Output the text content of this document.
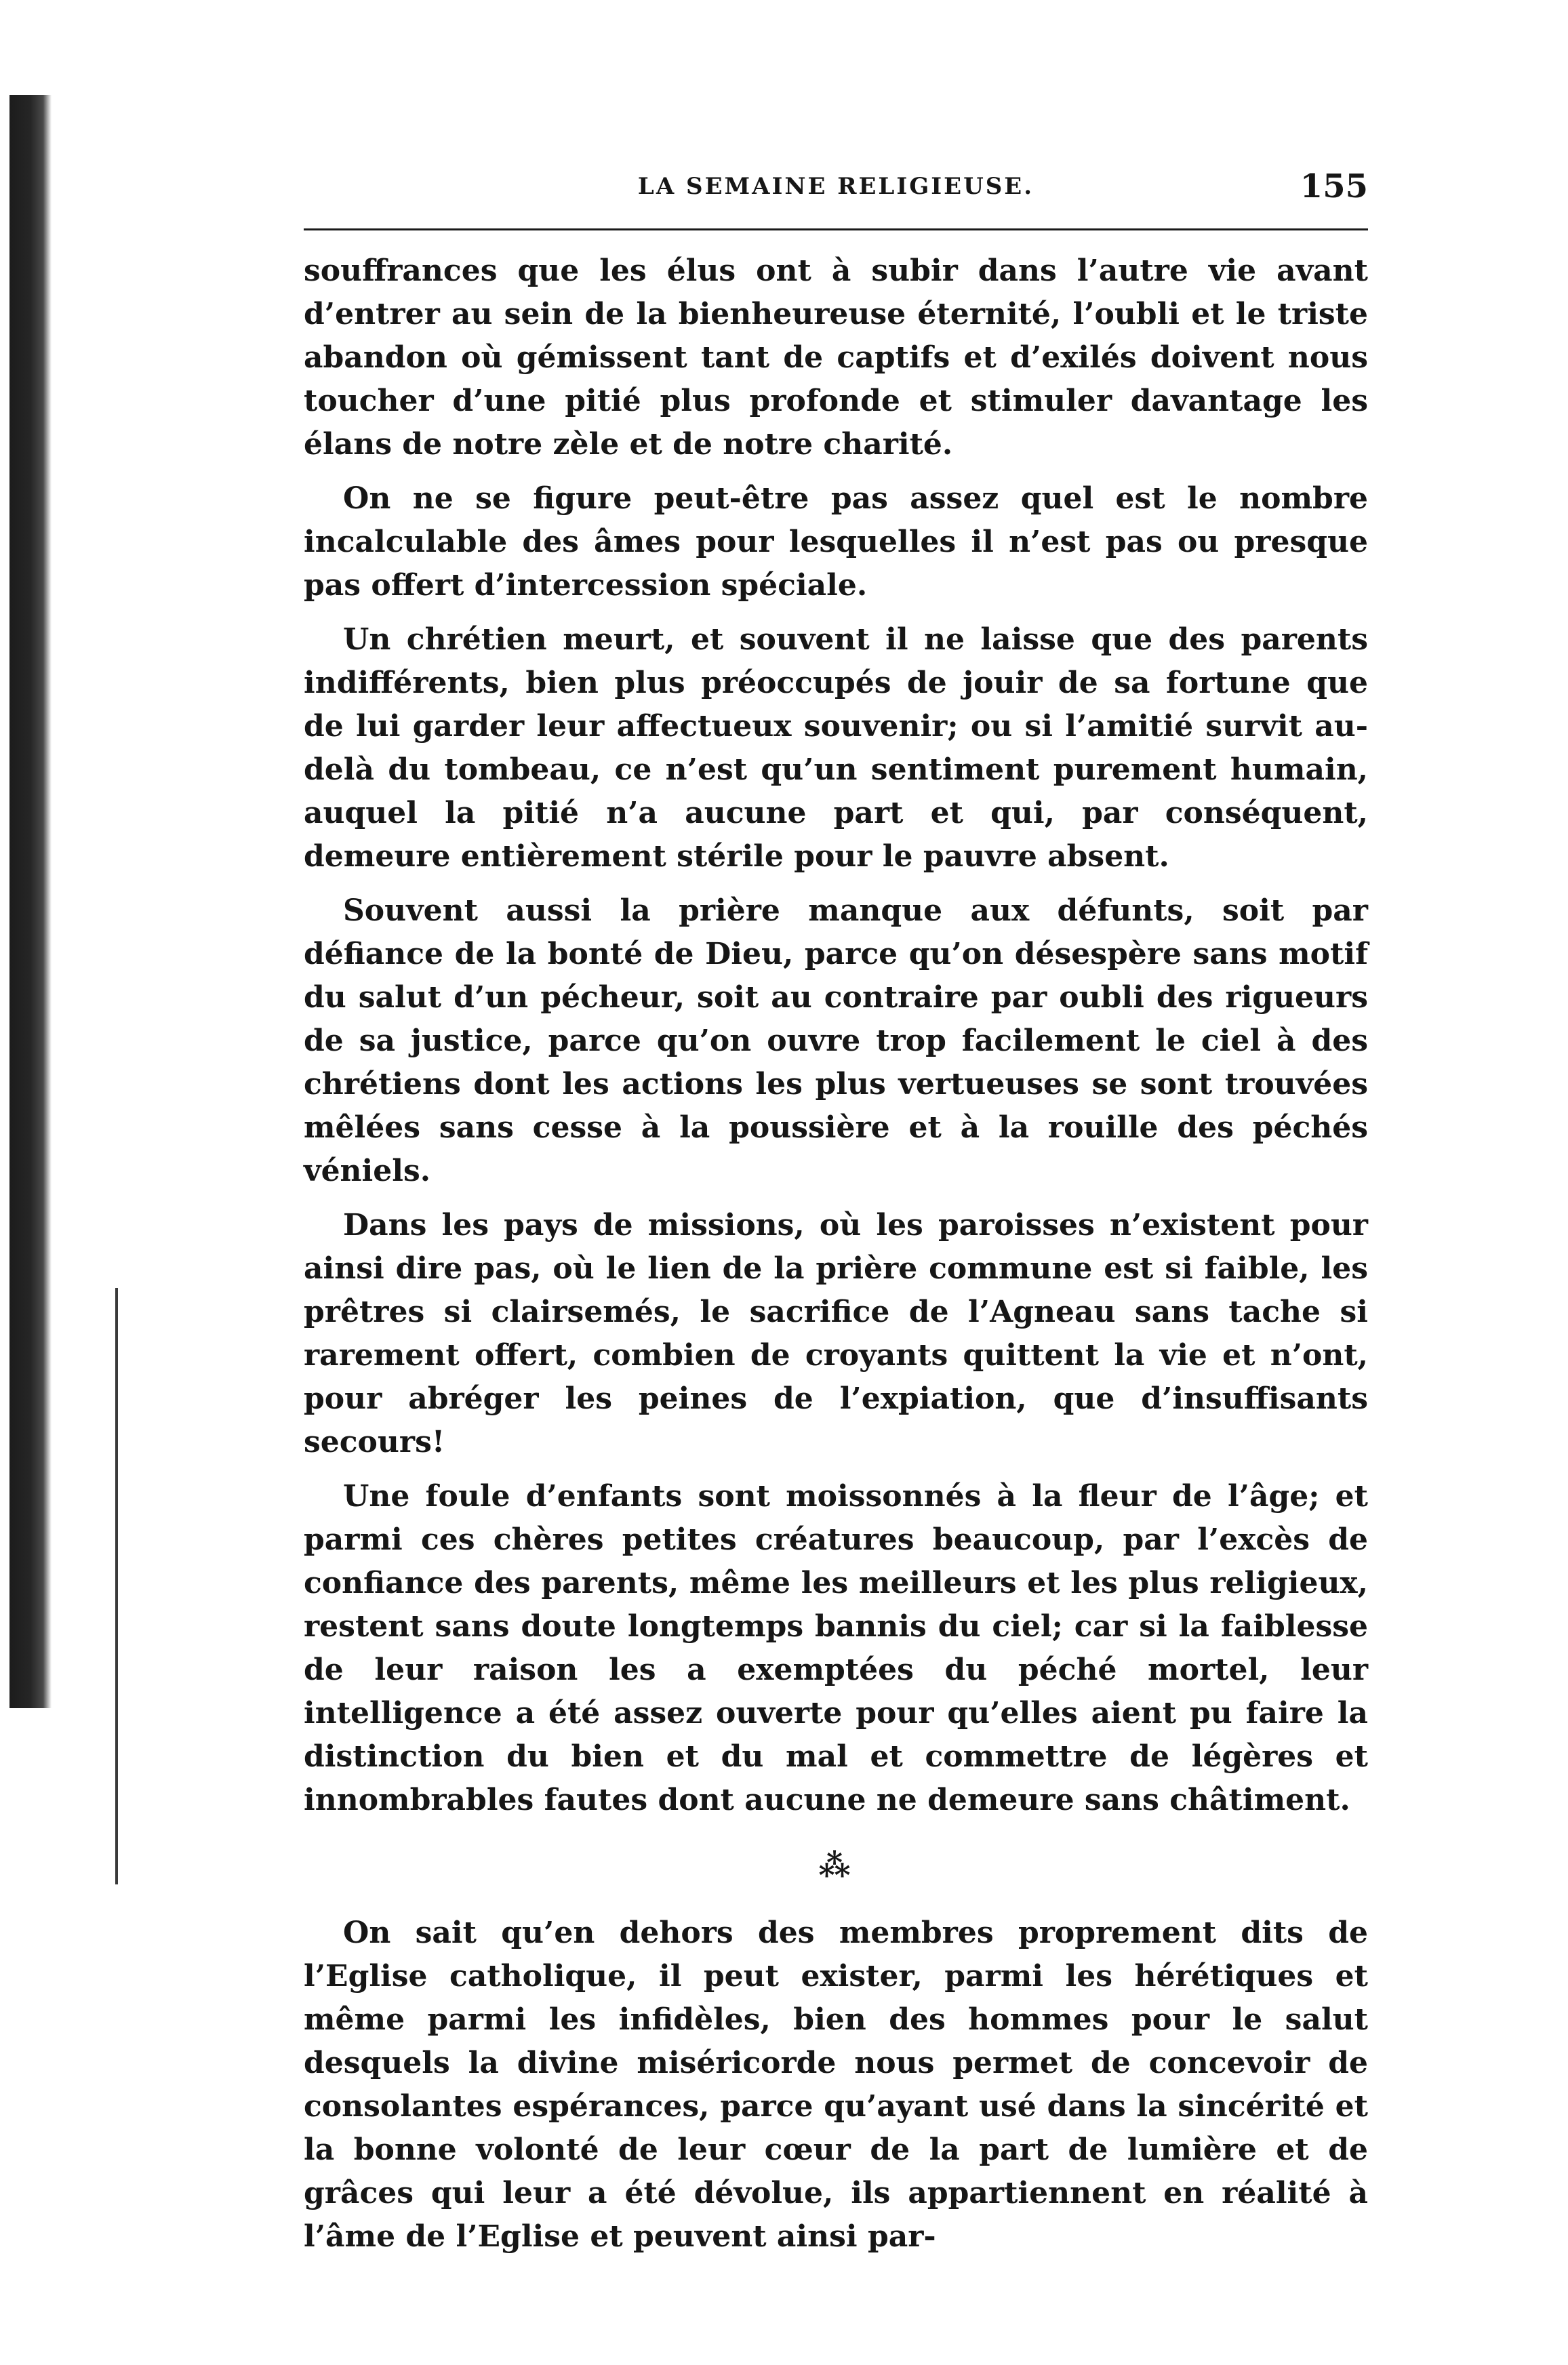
LA SEMAINE RELIGIEUSE.	155

souffrances que les élus ont à subir dans l’autre vie avant d’entrer au sein de la bienheureuse éternité, l’oubli et le triste abandon où gémissent tant de captifs et d’exilés doivent nous toucher d’une pitié plus profonde et stimuler davantage les élans de notre zèle et de notre charité.

On ne se figure peut-être pas assez quel est le nombre incalculable des âmes pour lesquelles il n’est pas ou presque pas offert d’intercession spéciale.

Un chrétien meurt, et souvent il ne laisse que des parents indifférents, bien plus préoccupés de jouir de sa fortune que de lui garder leur affectueux souvenir; ou si l’amitié survit au-delà du tombeau, ce n’est qu’un sentiment purement humain, auquel la pitié n’a aucune part et qui, par conséquent, demeure entièrement stérile pour le pauvre absent.

Souvent aussi la prière manque aux défunts, soit par défiance de la bonté de Dieu, parce qu’on désespère sans motif du salut d’un pécheur, soit au contraire par oubli des rigueurs de sa justice, parce qu’on ouvre trop facilement le ciel à des chrétiens dont les actions les plus vertueuses se sont trouvées mêlées sans cesse à la poussière et à la rouille des péchés véniels.

Dans les pays de missions, où les paroisses n’existent pour ainsi dire pas, où le lien de la prière commune est si faible, les prêtres si clairsemés, le sacrifice de l’Agneau sans tache si rarement offert, combien de croyants quittent la vie et n’ont, pour abréger les peines de l’expiation, que d’insuffisants secours!

Une foule d’enfants sont moissonnés à la fleur de l’âge; et parmi ces chères petites créatures beaucoup, par l’excès de confiance des parents, même les meilleurs et les plus religieux, restent sans doute longtemps bannis du ciel; car si la faiblesse de leur raison les a exemptées du péché mortel, leur intelligence a été assez ouverte pour qu’elles aient pu faire la distinction du bien et du mal et commettre de légères et innombrables fautes dont aucune ne demeure sans châtiment.

⁂

On sait qu’en dehors des membres proprement dits de l’Eglise catholique, il peut exister, parmi les hérétiques et même parmi les infidèles, bien des hommes pour le salut desquels la divine miséricorde nous permet de concevoir de consolantes espérances, parce qu’ayant usé dans la sincérité et la bonne volonté de leur cœur de la part de lumière et de grâces qui leur a été dévolue, ils appartiennent en réalité à l’âme de l’Eglise et peuvent ainsi par-
